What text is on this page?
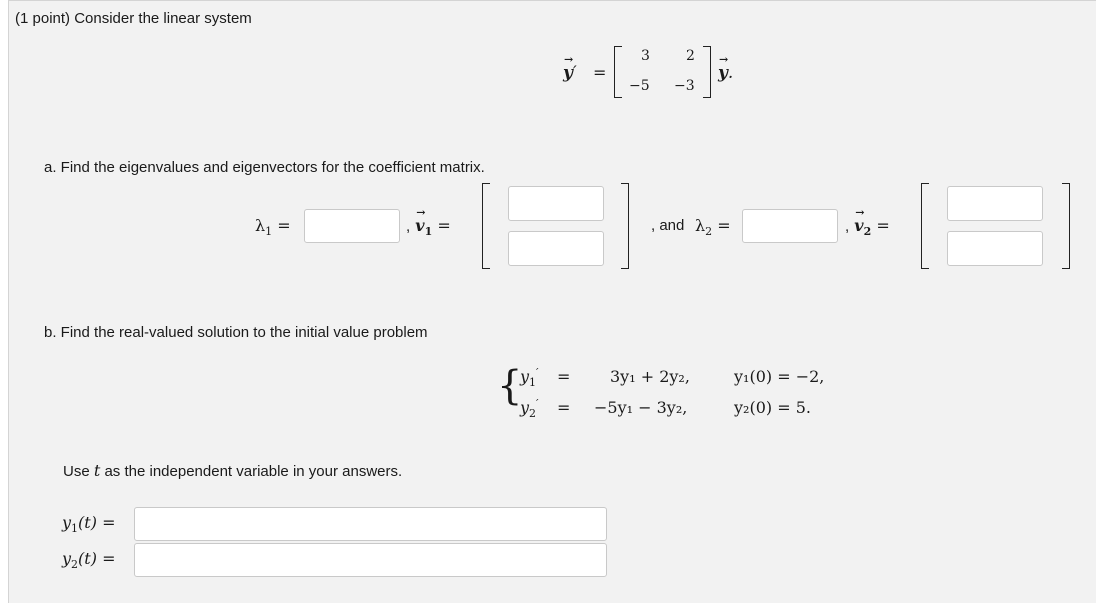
(1 point) Consider the linear system
→ y′ =
3	2
−5 −3
→ y.
a. Find the eigenvalues and eigenvectors for the coefficient matrix.
$\lambda_1$ =	, → $v_1$ =	, and $\lambda_2$ =	, → $v_2$ =
b. Find the real-valued solution to the initial value problem
{
$y_1' = 3y_1 + 2y_2$,	y₁(0) = −2,
$y_2' = -5y_1 - 3y_2$,	y₂(0) = 5.
Use t as the independent variable in your answers.
$y_1(t)$ =
$y_2(t)$ =
